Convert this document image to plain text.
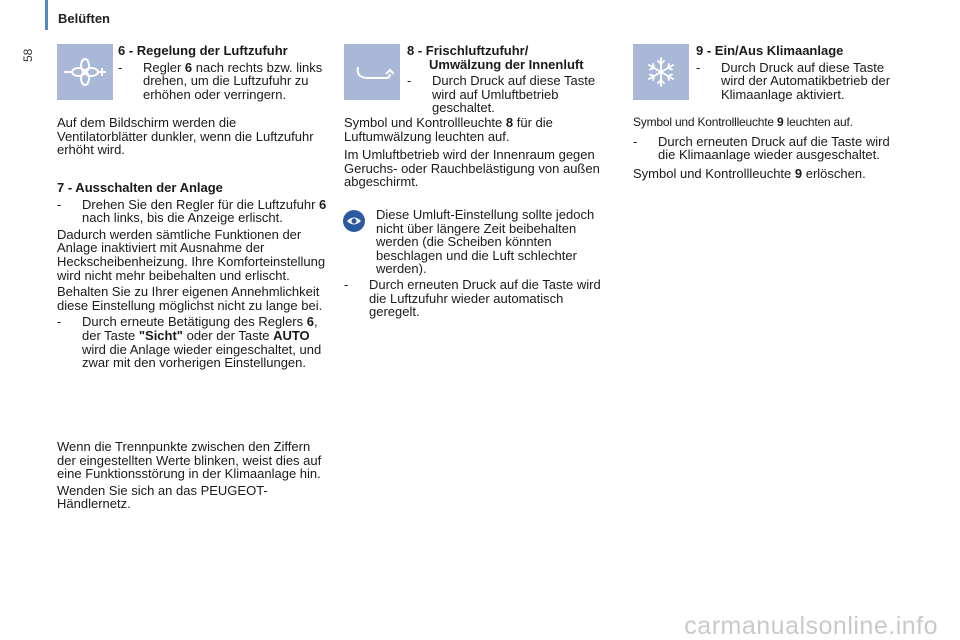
58
Belüften

6 - Regelung der Luftzufuhr

- Regler 6 nach rechts bzw. links drehen, um die Luftzufuhr zu erhöhen oder verringern.

Auf dem Bildschirm werden die Ventilatorblätter dunkler, wenn die Luftzufuhr erhöht wird.

7 - Ausschalten der Anlage

- Drehen Sie den Regler für die Luftzufuhr 6 nach links, bis die Anzeige erlischt.

Dadurch werden sämtliche Funktionen der Anlage inaktiviert mit Ausnahme der Heckscheibenheizung. Ihre Komforteinstellung wird nicht mehr beibehalten und erlischt.

Behalten Sie zu Ihrer eigenen Annehmlichkeit diese Einstellung möglichst nicht zu lange bei.

- Durch erneute Betätigung des Reglers 6, der Taste "Sicht" oder der Taste AUTO wird die Anlage wieder eingeschaltet, und zwar mit den vorherigen Einstellungen.

Wenn die Trennpunkte zwischen den Ziffern der eingestellten Werte blinken, weist dies auf eine Funktionsstörung in der Klimaanlage hin.

Wenden Sie sich an das PEUGEOT-Händlernetz.

8 - Frischluftzufuhr/

Umwälzung der Innenluft

- Durch Druck auf diese Taste wird auf Umluftbetrieb geschaltet.

Symbol und Kontrollleuchte 8 für die Luftumwälzung leuchten auf.

Im Umluftbetrieb wird der Innenraum gegen Geruchs- oder Rauchbelästigung von außen abgeschirmt.

Diese Umluft-Einstellung sollte jedoch nicht über längere Zeit beibehalten werden (die Scheiben könnten beschlagen und die Luft schlechter werden).

- Durch erneuten Druck auf die Taste wird die Luftzufuhr wieder automatisch geregelt.

9 - Ein/Aus Klimaanlage

- Durch Druck auf diese Taste wird der Automatikbetrieb der Klimaanlage aktiviert.

Symbol und Kontrollleuchte 9 leuchten auf.

- Durch erneuten Druck auf die Taste wird die Klimaanlage wieder ausgeschaltet.

Symbol und Kontrollleuchte 9 erlöschen.

carmanualsonline.info
